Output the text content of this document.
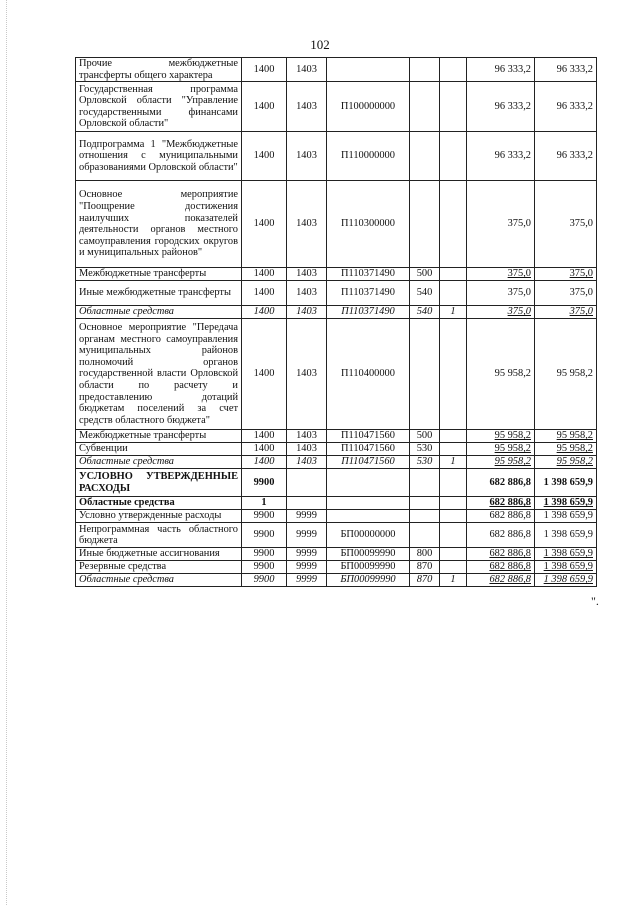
102
Прочие межбюджетные трансферты общего характера	1400	1403				96 333,2	96 333,2
Государственная программа Орловской области "Управление государственными финансами Орловской области"	1400	1403	П100000000			96 333,2	96 333,2
Подпрограмма 1 "Межбюджетные отношения с муниципальными образованиями Орловской области"	1400	1403	П110000000			96 333,2	96 333,2
Основное мероприятие "Поощрение достижения наилучших показателей деятельности органов местного самоуправления городских округов и муниципальных районов"	1400	1403	П110300000			375,0	375,0
Межбюджетные трансферты	1400	1403	П110371490	500		375,0	375,0
Иные межбюджетные трансферты	1400	1403	П110371490	540		375,0	375,0
Областные средства	1400	1403	П110371490	540	1	375,0	375,0
Основное мероприятие "Передача органам местного самоуправления муниципальных районов полномочий органов государственной власти Орловской области по расчету и предоставлению дотаций бюджетам поселений за счет средств областного бюджета"	1400	1403	П110400000			95 958,2	95 958,2
Межбюджетные трансферты	1400	1403	П110471560	500		95 958,2	95 958,2
Субвенции	1400	1403	П110471560	530		95 958,2	95 958,2
Областные средства	1400	1403	П110471560	530	1	95 958,2	95 958,2
УСЛОВНО УТВЕРЖДЕННЫЕ РАСХОДЫ	9900					682 886,8	1 398 659,9
Областные средства	1					682 886,8	1 398 659,9
Условно утвержденные расходы	9900	9999				682 886,8	1 398 659,9
Непрограммная часть областного бюджета	9900	9999	БП00000000			682 886,8	1 398 659,9
Иные бюджетные ассигнования	9900	9999	БП00099990	800		682 886,8	1 398 659,9
Резервные средства	9900	9999	БП00099990	870		682 886,8	1 398 659,9
Областные средства	9900	9999	БП00099990	870	1	682 886,8	1 398 659,9
".
